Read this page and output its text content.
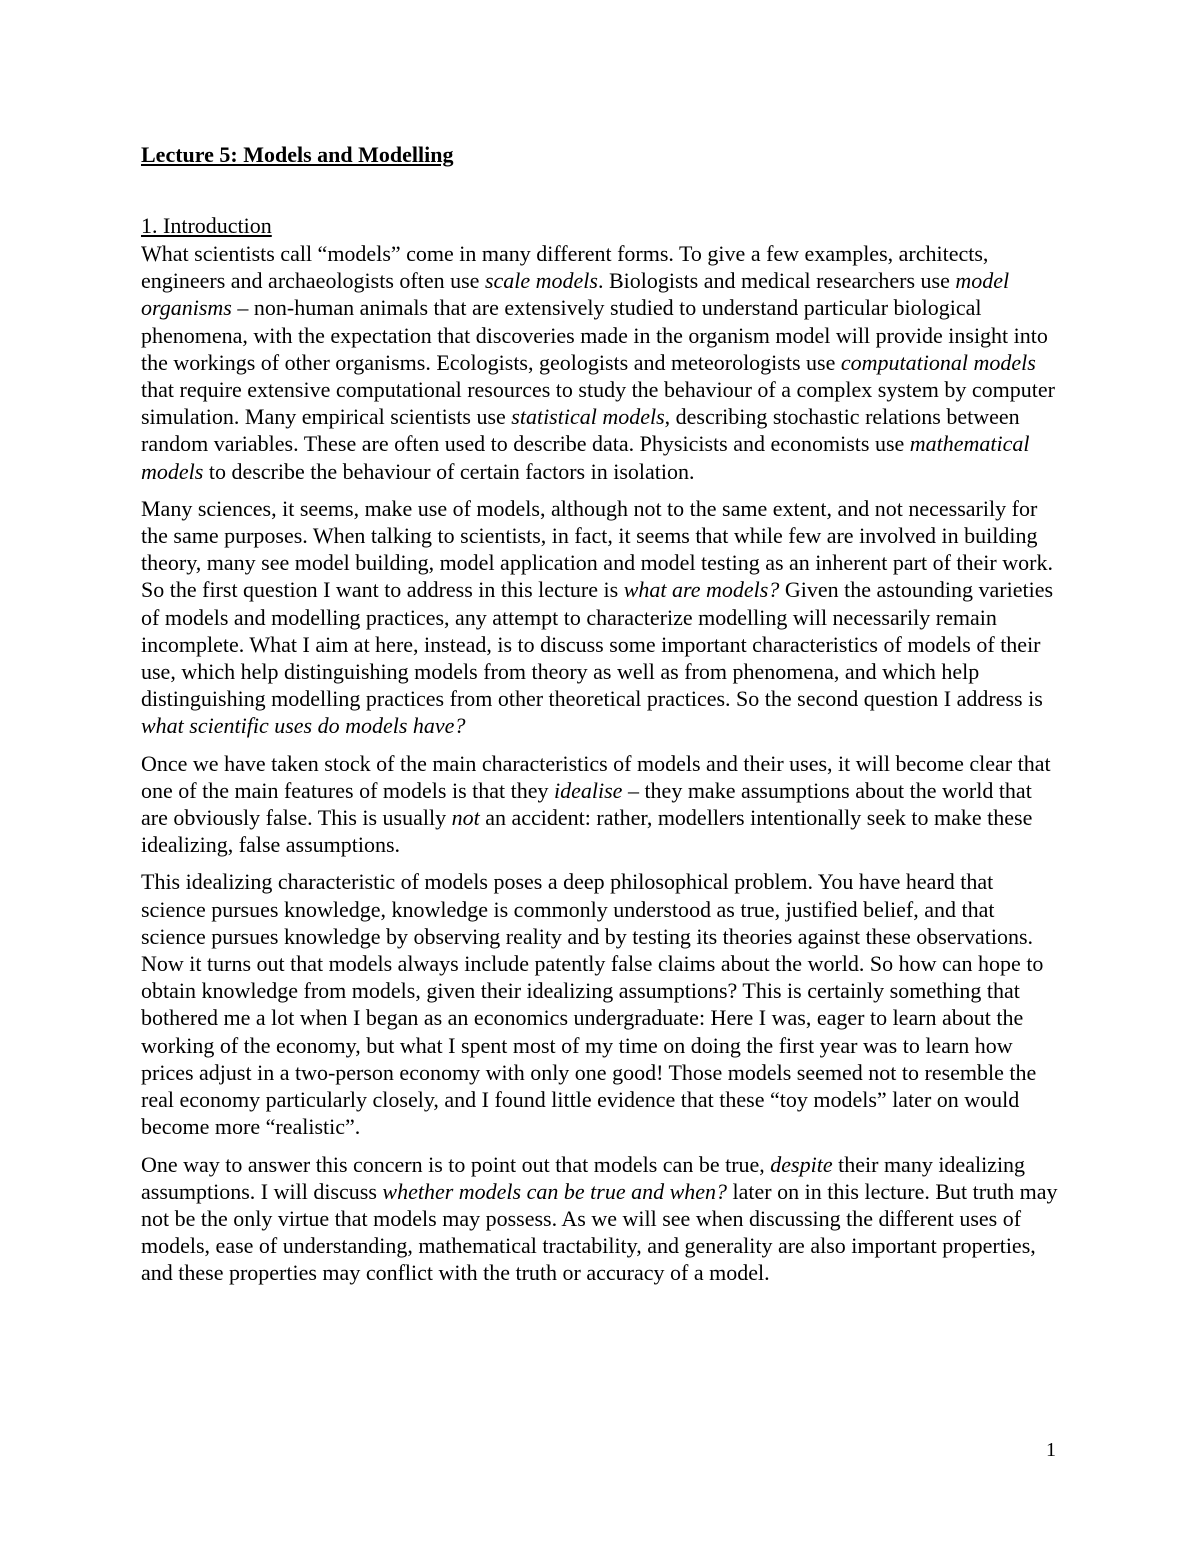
Lecture 5: Models and Modelling
1. Introduction

What scientists call “models” come in many different forms. To give a few examples, architects, engineers and archaeologists often use scale models. Biologists and medical researchers use model organisms – non-human animals that are extensively studied to understand particular biological phenomena, with the expectation that discoveries made in the organism model will provide insight into the workings of other organisms. Ecologists, geologists and meteorologists use computational models that require extensive computational resources to study the behaviour of a complex system by computer simulation. Many empirical scientists use statistical models, describing stochastic relations between random variables. These are often used to describe data. Physicists and economists use mathematical models to describe the behaviour of certain factors in isolation.

Many sciences, it seems, make use of models, although not to the same extent, and not necessarily for the same purposes. When talking to scientists, in fact, it seems that while few are involved in building theory, many see model building, model application and model testing as an inherent part of their work. So the first question I want to address in this lecture is what are models? Given the astounding varieties of models and modelling practices, any attempt to characterize modelling will necessarily remain incomplete. What I aim at here, instead, is to discuss some important characteristics of models of their use, which help distinguishing models from theory as well as from phenomena, and which help distinguishing modelling practices from other theoretical practices. So the second question I address is what scientific uses do models have?

Once we have taken stock of the main characteristics of models and their uses, it will become clear that one of the main features of models is that they idealise – they make assumptions about the world that are obviously false. This is usually not an accident: rather, modellers intentionally seek to make these idealizing, false assumptions.

This idealizing characteristic of models poses a deep philosophical problem. You have heard that science pursues knowledge, knowledge is commonly understood as true, justified belief, and that science pursues knowledge by observing reality and by testing its theories against these observations. Now it turns out that models always include patently false claims about the world. So how can hope to obtain knowledge from models, given their idealizing assumptions? This is certainly something that bothered me a lot when I began as an economics undergraduate: Here I was, eager to learn about the working of the economy, but what I spent most of my time on doing the first year was to learn how prices adjust in a two-person economy with only one good! Those models seemed not to resemble the real economy particularly closely, and I found little evidence that these “toy models” later on would become more “realistic”.

One way to answer this concern is to point out that models can be true, despite their many idealizing assumptions. I will discuss whether models can be true and when? later on in this lecture. But truth may not be the only virtue that models may possess. As we will see when discussing the different uses of models, ease of understanding, mathematical tractability, and generality are also important properties, and these properties may conflict with the truth or accuracy of a model.

1
